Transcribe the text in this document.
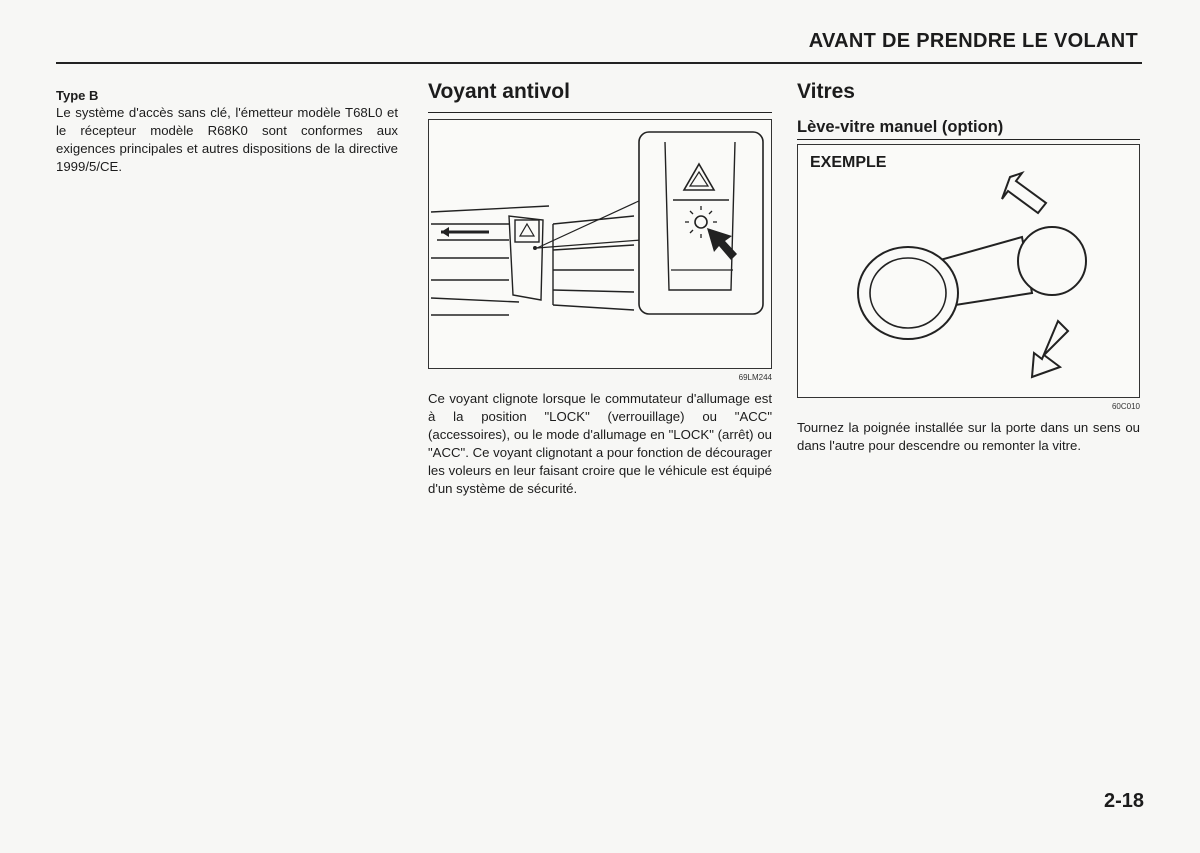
AVANT DE PRENDRE LE VOLANT
Type B

Le système d'accès sans clé, l'émetteur modèle T68L0 et le récepteur modèle R68K0 sont conformes aux exigences principales et autres dispositions de la directive 1999/5/CE.

Voyant antivol
69LM244

Ce voyant clignote lorsque le commutateur d'allumage est à la position "LOCK" (verrouillage) ou "ACC" (accessoires), ou le mode d'allumage en "LOCK" (arrêt) ou "ACC". Ce voyant clignotant a pour fonction de décourager les voleurs en leur faisant croire que le véhicule est équipé d'un système de sécurité.

Vitres
Lève-vitre manuel (option)
EXEMPLE
60C010

Tournez la poignée installée sur la porte dans un sens ou dans l'autre pour descendre ou remonter la vitre.

2-18
